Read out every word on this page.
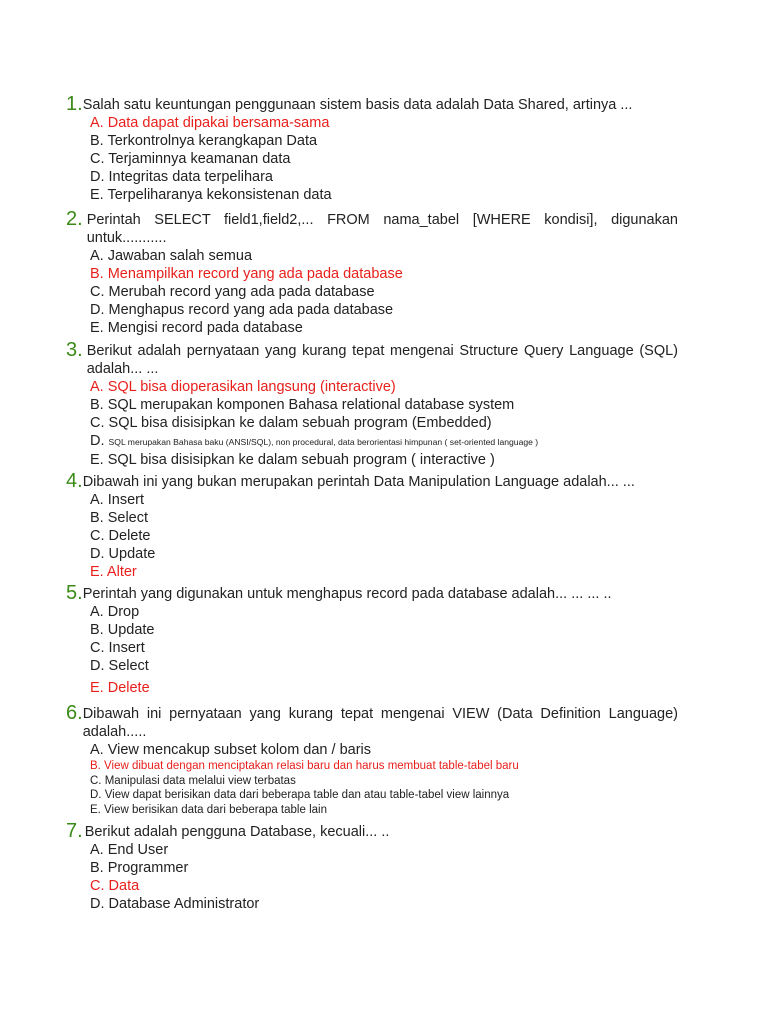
1. Salah satu keuntungan penggunaan sistem basis data adalah Data Shared, artinya ...
A. Data dapat dipakai bersama-sama
B. Terkontrolnya kerangkapan Data
C. Terjaminnya keamanan data
D. Integritas data terpelihara
E. Terpeliharanya kekonsistenan data
2. Perintah SELECT field1,field2,... FROM nama_tabel [WHERE kondisi], digunakan untuk...........
A. Jawaban salah semua
B. Menampilkan record yang ada pada database
C. Merubah record yang ada pada database
D. Menghapus record yang ada pada database
E. Mengisi record pada database
3. Berikut adalah pernyataan yang kurang tepat mengenai Structure Query Language (SQL) adalah... ...
A. SQL bisa dioperasikan langsung (interactive)
B. SQL merupakan komponen Bahasa relational database system
C. SQL bisa disisipkan ke dalam sebuah program (Embedded)
D. SQL merupakan Bahasa baku (ANSI/SQL), non procedural, data berorientasi himpunan ( set-oriented language )
E. SQL bisa disisipkan ke dalam sebuah program ( interactive )
4. Dibawah ini yang bukan merupakan perintah Data Manipulation Language adalah... ...
A. Insert
B. Select
C. Delete
D. Update
E. Alter
5. Perintah yang digunakan untuk menghapus record pada database adalah... ... ... ..
A. Drop
B. Update
C. Insert
D. Select
E. Delete
6. Dibawah ini pernyataan yang kurang tepat mengenai VIEW (Data Definition Language) adalah.....
A. View mencakup subset kolom dan / baris
B. View dibuat dengan menciptakan relasi baru dan harus membuat table-tabel baru
C. Manipulasi data melalui view terbatas
D. View dapat berisikan data dari beberapa table dan atau table-tabel view lainnya
E. View berisikan data dari beberapa table lain
7. Berikut adalah pengguna Database, kecuali... ..
A. End User
B. Programmer
C. Data
D. Database Administrator
